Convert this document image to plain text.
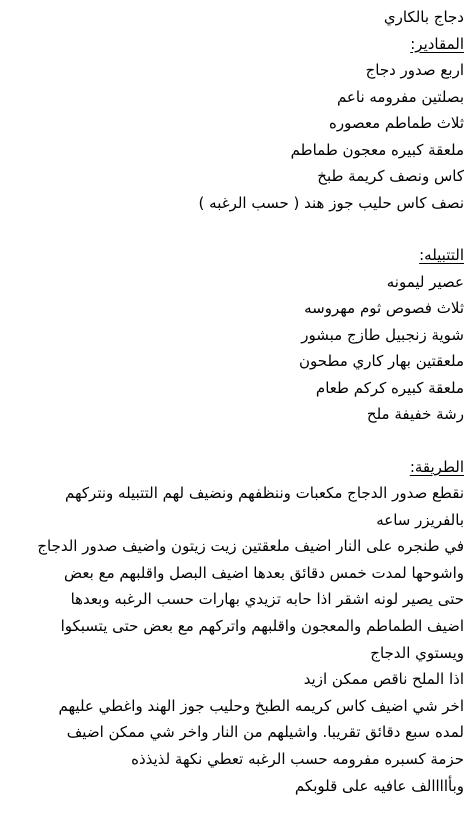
دجاج بالكاري
المقادير:
اربع صدور دجاج
بصلتين مفرومه ناعم
ثلاث طماطم معصوره
ملعقة كبيره معجون طماطم
كاس ونصف كريمة طبخ
نصف كاس حليب جوز هند ( حسب الرغبه )
التتبيله:
عصير ليمونه
ثلاث فصوص ثوم مهروسه
شوية زنجبيل طازج مبشور
ملعقتين بهار كاري مطحون
ملعقة كبيره كركم طعام
رشة خفيفة ملح
الطريقة:
نقطع صدور الدجاج مكعبات وننظفهم ونضيف لهم التتبيله ونتركهم
بالفريزر ساعه
في طنجره على النار اضيف ملعقتين زيت زيتون واضيف صدور الدجاج
واشوحها لمدت خمس دقائق بعدها اضيف البصل واقلبهم مع بعض
حتى يصير لونه اشقر اذا حابه تزيدي بهارات حسب الرغبه وبعدها
اضيف الطماطم والمعجون واقلبهم واتركهم مع بعض حتى يتسبكوا
ويستوي الدجاج
اذا الملح ناقص ممكن ازيد
اخر شي اضيف كاس كريمه الطبخ وحليب جوز الهند واغطي عليهم
لمده سبع دقائق تقريبا. واشيلهم من النار واخر شي ممكن اضيف
حزمة كسبره مفرومه حسب الرغبه تعطي نكهة لذيذذه
وبأاااالف عافيه على قلوبكم
